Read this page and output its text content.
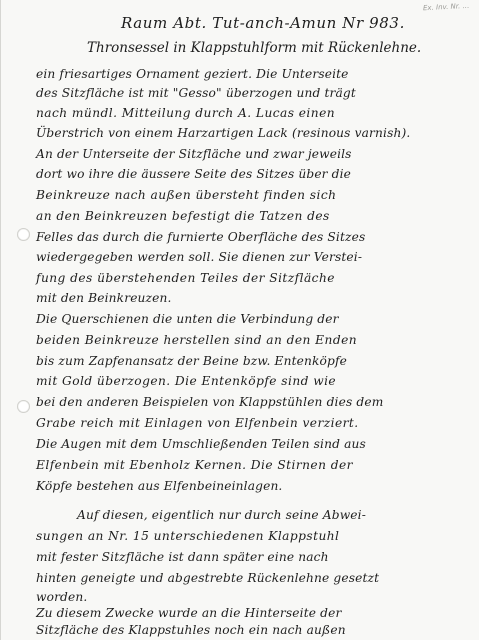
Ex. Inv. Nr. …
Raum Abt. Tut-anch-Amun Nr 983.
Thronsessel in Klappstuhlform mit Rückenlehne.
ein friesartiges Ornament geziert. Die Unterseite
des Sitzfläche ist mit "Gesso" überzogen und trägt
nach mündl. Mitteilung durch A. Lucas einen
Überstrich von einem Harzartigen Lack (resinous varnish).
An der Unterseite der Sitzfläche und zwar jeweils
dort wo ihre die äussere Seite des Sitzes über die
Beinkreuze nach außen übersteht finden sich
an den Beinkreuzen befestigt die Tatzen des
Felles das durch die furnierte Oberfläche des Sitzes
wiedergegeben werden soll. Sie dienen zur Verstei-
fung des überstehenden Teiles der Sitzfläche
mit den Beinkreuzen.
Die Querschienen die unten die Verbindung der
beiden Beinkreuze herstellen sind an den Enden
bis zum Zapfenansatz der Beine bzw. Entenköpfe
mit Gold überzogen. Die Entenköpfe sind wie
bei den anderen Beispielen von Klappstühlen dies dem
Grabe reich mit Einlagen von Elfenbein verziert.
Die Augen mit dem Umschließenden Teilen sind aus
Elfenbein mit Ebenholz Kernen. Die Stirnen der
Köpfe bestehen aus Elfenbeineinlagen.
Auf diesen, eigentlich nur durch seine Abwei-
sungen an Nr. 15 unterschiedenen Klappstuhl
mit fester Sitzfläche ist dann später eine nach
hinten geneigte und abgestrebte Rückenlehne gesetzt
worden.
Zu diesem Zwecke wurde an die Hinterseite der
Sitzfläche des Klappstuhles noch ein nach außen
